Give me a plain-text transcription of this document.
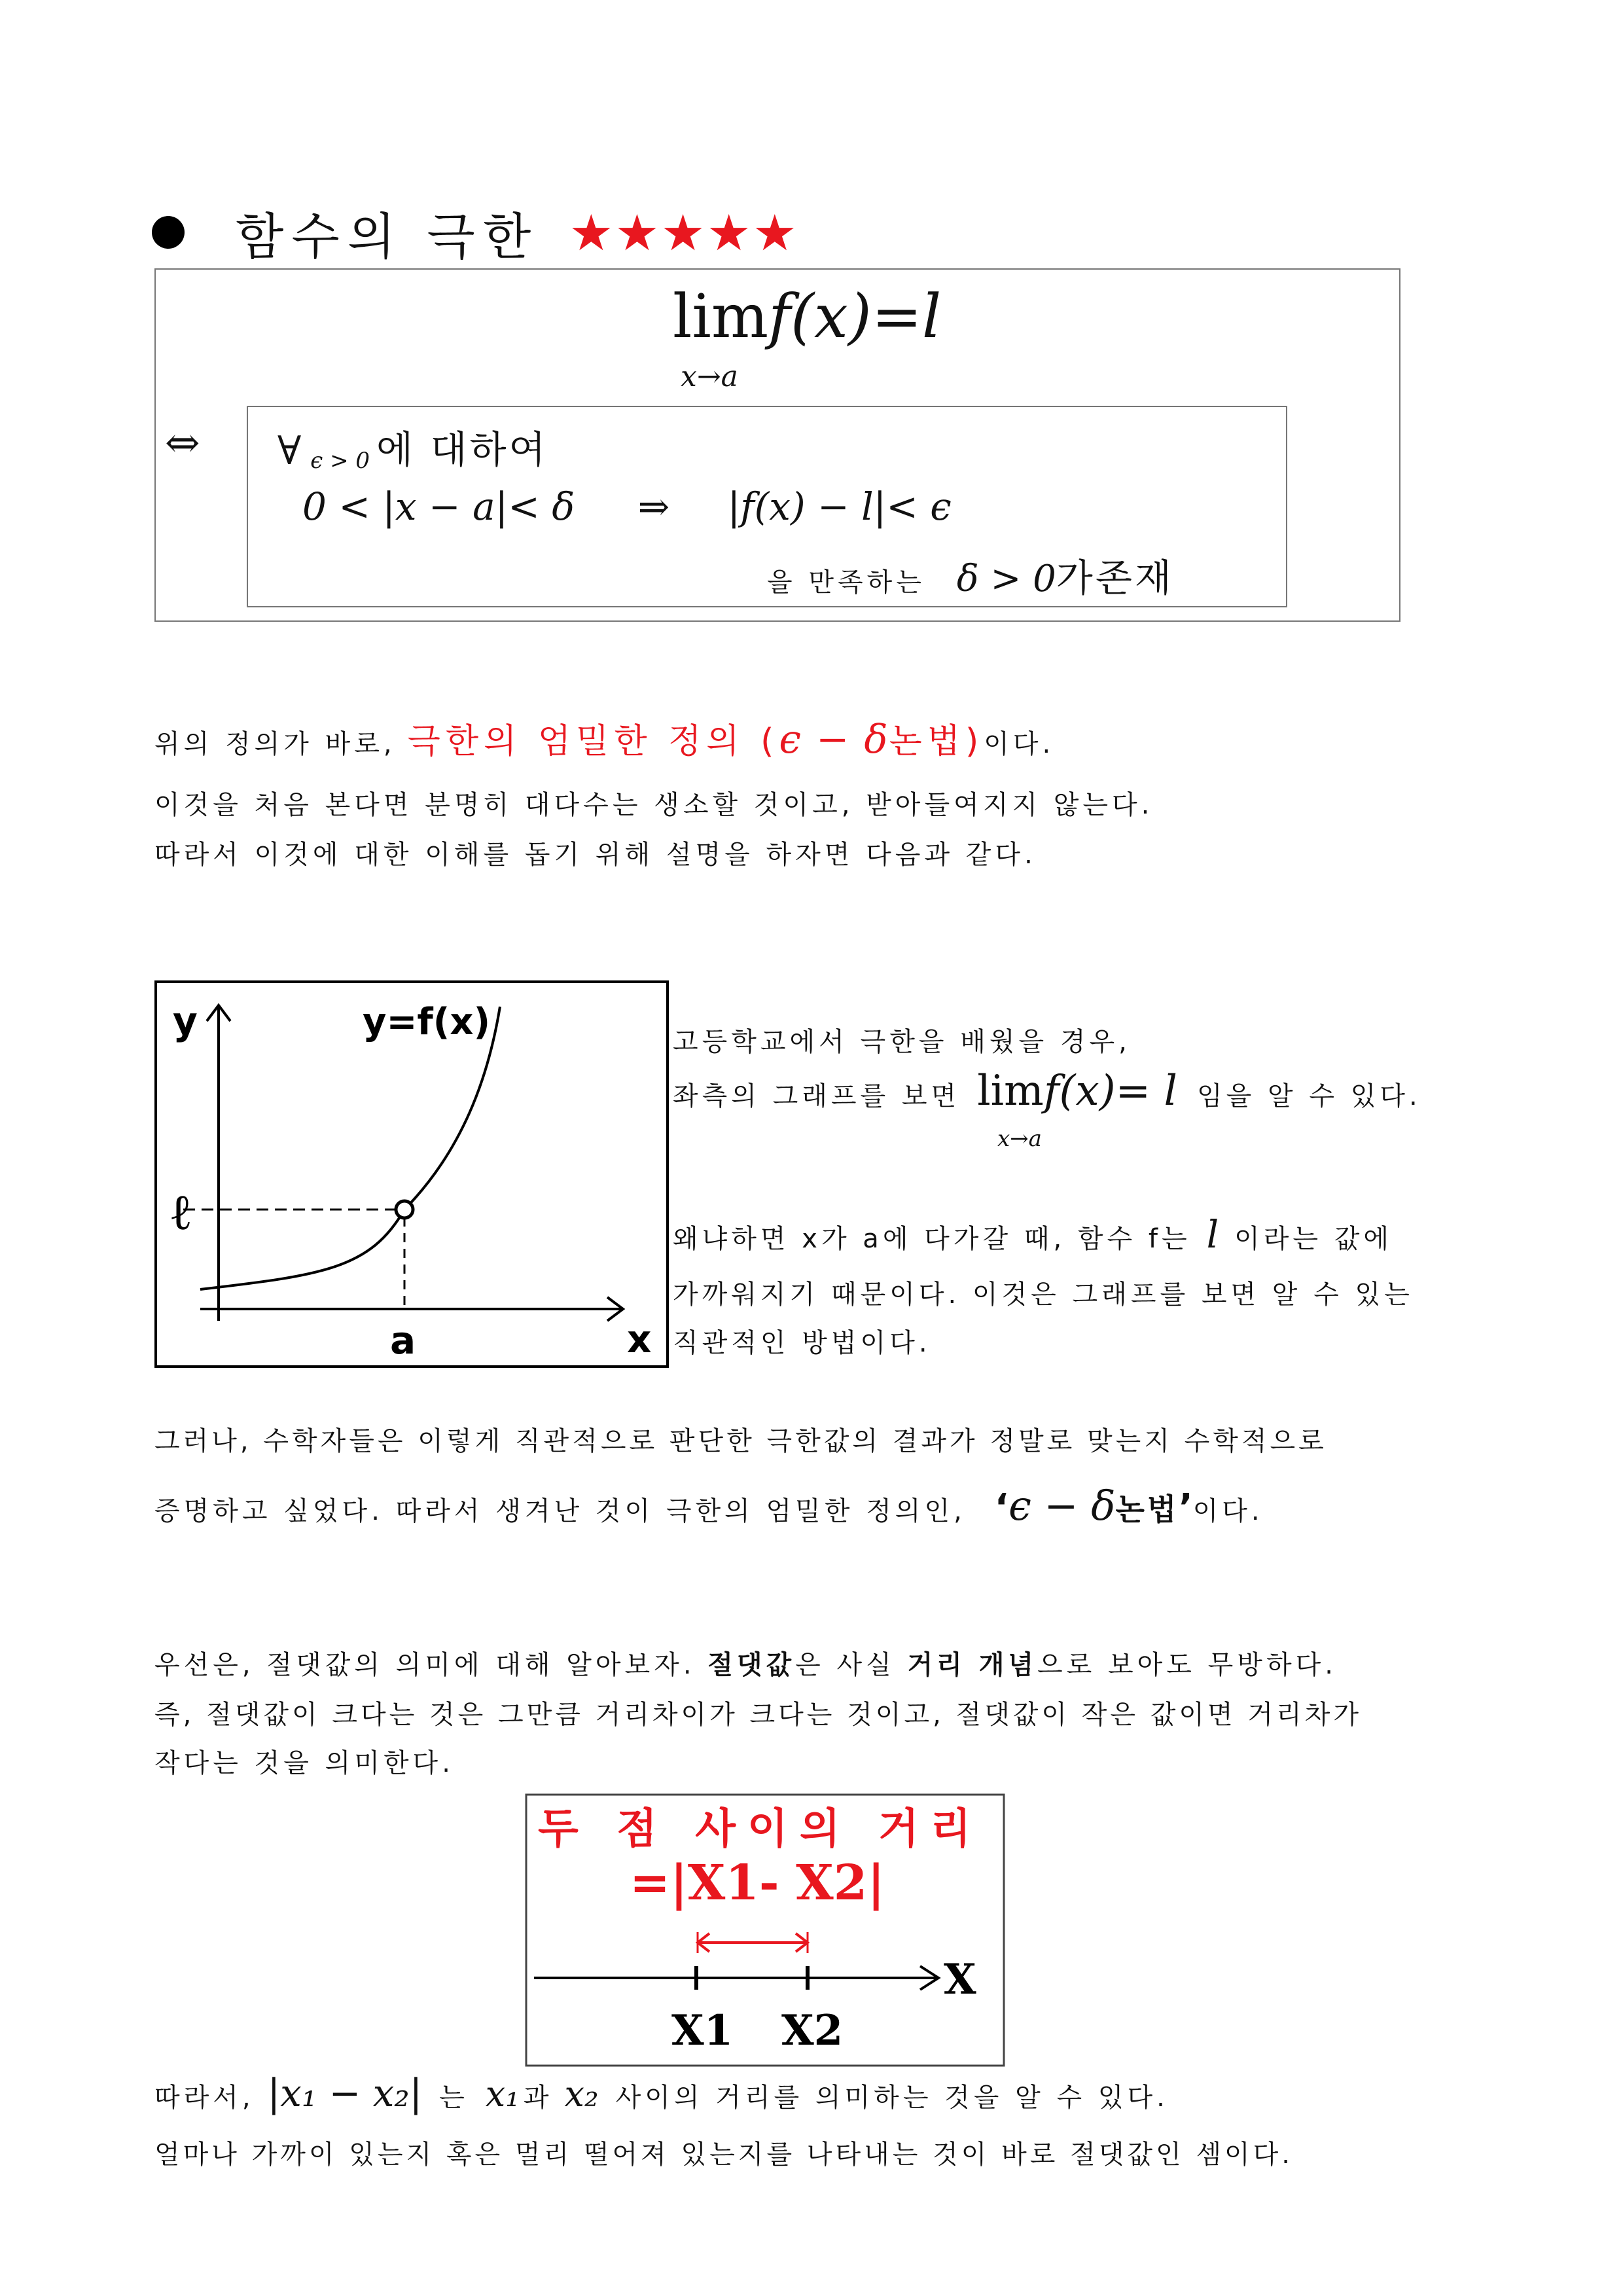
함수의 극한 ★★★★★
limf(x)=l
x→a
⇔ ∀ ϵ > 0 에 대하여
0 < |x − a|< δ ⇒ |f(x) − l|< ϵ
을 만족하는 δ > 0 가존재
위의 정의가 바로, 극한의 엄밀한 정의 ( ϵ − δ 논법) 이다.
이것을 처음 본다면 분명히 대다수는 생소할 것이고, 받아들여지지 않는다.
따라서 이것에 대한 이해를 돕기 위해 설명을 하자면 다음과 같다.
y	y=f(x)
ℓ
a	x
고등학교에서 극한을 배웠을 경우,
좌측의 그래프를 보면 lim f(x)= l 임을 알 수 있다.
x→a
왜냐하면 x가 a에 다가갈 때, 함수 f는 l 이라는 값에
가까워지기 때문이다. 이것은 그래프를 보면 알 수 있는
직관적인 방법이다.
그러나, 수학자들은 이렇게 직관적으로 판단한 극한값의 결과가 정말로 맞는지 수학적으로
증명하고 싶었다. 따라서 생겨난 것이 극한의 엄밀한 정의인, ‘ ϵ − δ 논법 ’ 이다.
우선은, 절댓값의 의미에 대해 알아보자. 절댓값은 사실 거리 개념으로 보아도 무방하다.
즉, 절댓값이 크다는 것은 그만큼 거리차이가 크다는 것이고, 절댓값이 작은 값이면 거리차가
작다는 것을 의미한다.
두 점 사이의 거리
=|X1- X2|
X
X1 X2
따라서, |x₁ − x₂| 는 x₁ 과 x₂ 사이의 거리를 의미하는 것을 알 수 있다.
얼마나 가까이 있는지 혹은 멀리 떨어져 있는지를 나타내는 것이 바로 절댓값인 셈이다.
